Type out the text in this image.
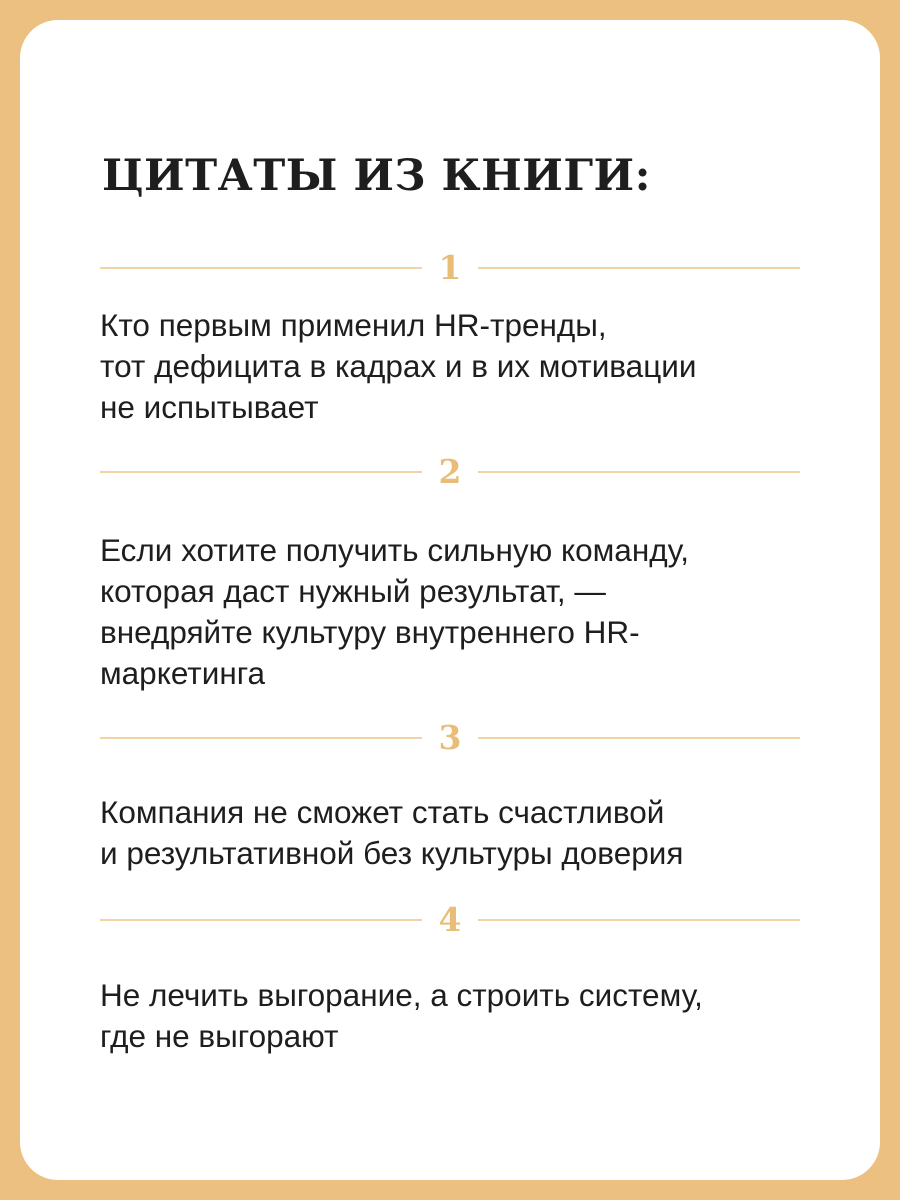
ЦИТАТЫ ИЗ КНИГИ:
1

Кто первым применил HR-тренды,
тот дефицита в кадрах и в их мотивации
не испытывает

2

Если хотите получить сильную команду,
которая даст нужный результат, —
внедряйте культуру внутреннего HR-
маркетинга

3

Компания не сможет стать счастливой
и результативной без культуры доверия

4

Не лечить выгорание, а строить систему,
где не выгорают
